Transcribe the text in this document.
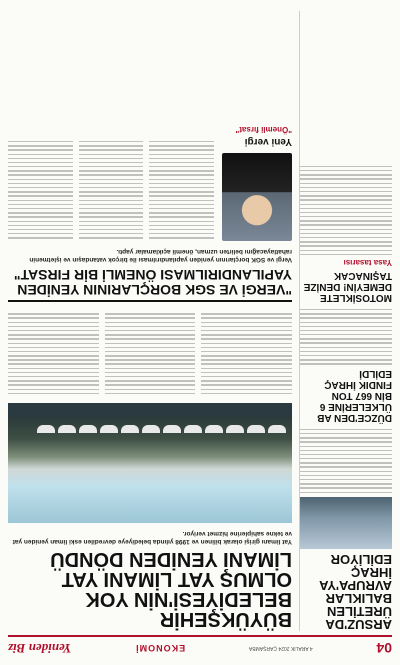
04
4 ARALIK 2024 ÇARŞAMBA
EKONOMİ
Yeniden Biz
ARSUZ'DA ÜRETİLEN BALIKLAR AVRUPA'YA İHRAÇ EDİLİYOR
DÜZCE'DEN AB ÜLKELERİNE 6 BİN 667 TON FINDIK İHRAÇ EDİLDİ
MOTOSİKLETE DEMEYİN! DENİZE TAŞINACAK
Yasa tasarısı
BÜYÜKŞEHİR BELEDİYESİ'NİN YOK OLMUŞ YAT LİMANI YAT LİMANI YENİDEN DÖNDÜ
Yat limanı girişi olarak bilinen ve 1998 yılında belediyeye devredilen eski liman yeniden yat ve tekne sahiplerine hizmet veriyor.
"VERGİ VE SGK BORÇLARININ YENİDEN YAPILANDIRILMASI ÖNEMLİ BİR FIRSAT"
Vergi ve SGK borçlarının yeniden yapılandırılması ile birçok vatandaşın ve işletmenin rahatlayacağını belirten uzman, önemli açıklamalar yaptı.
Yeni vergi
"Önemli fırsat"
